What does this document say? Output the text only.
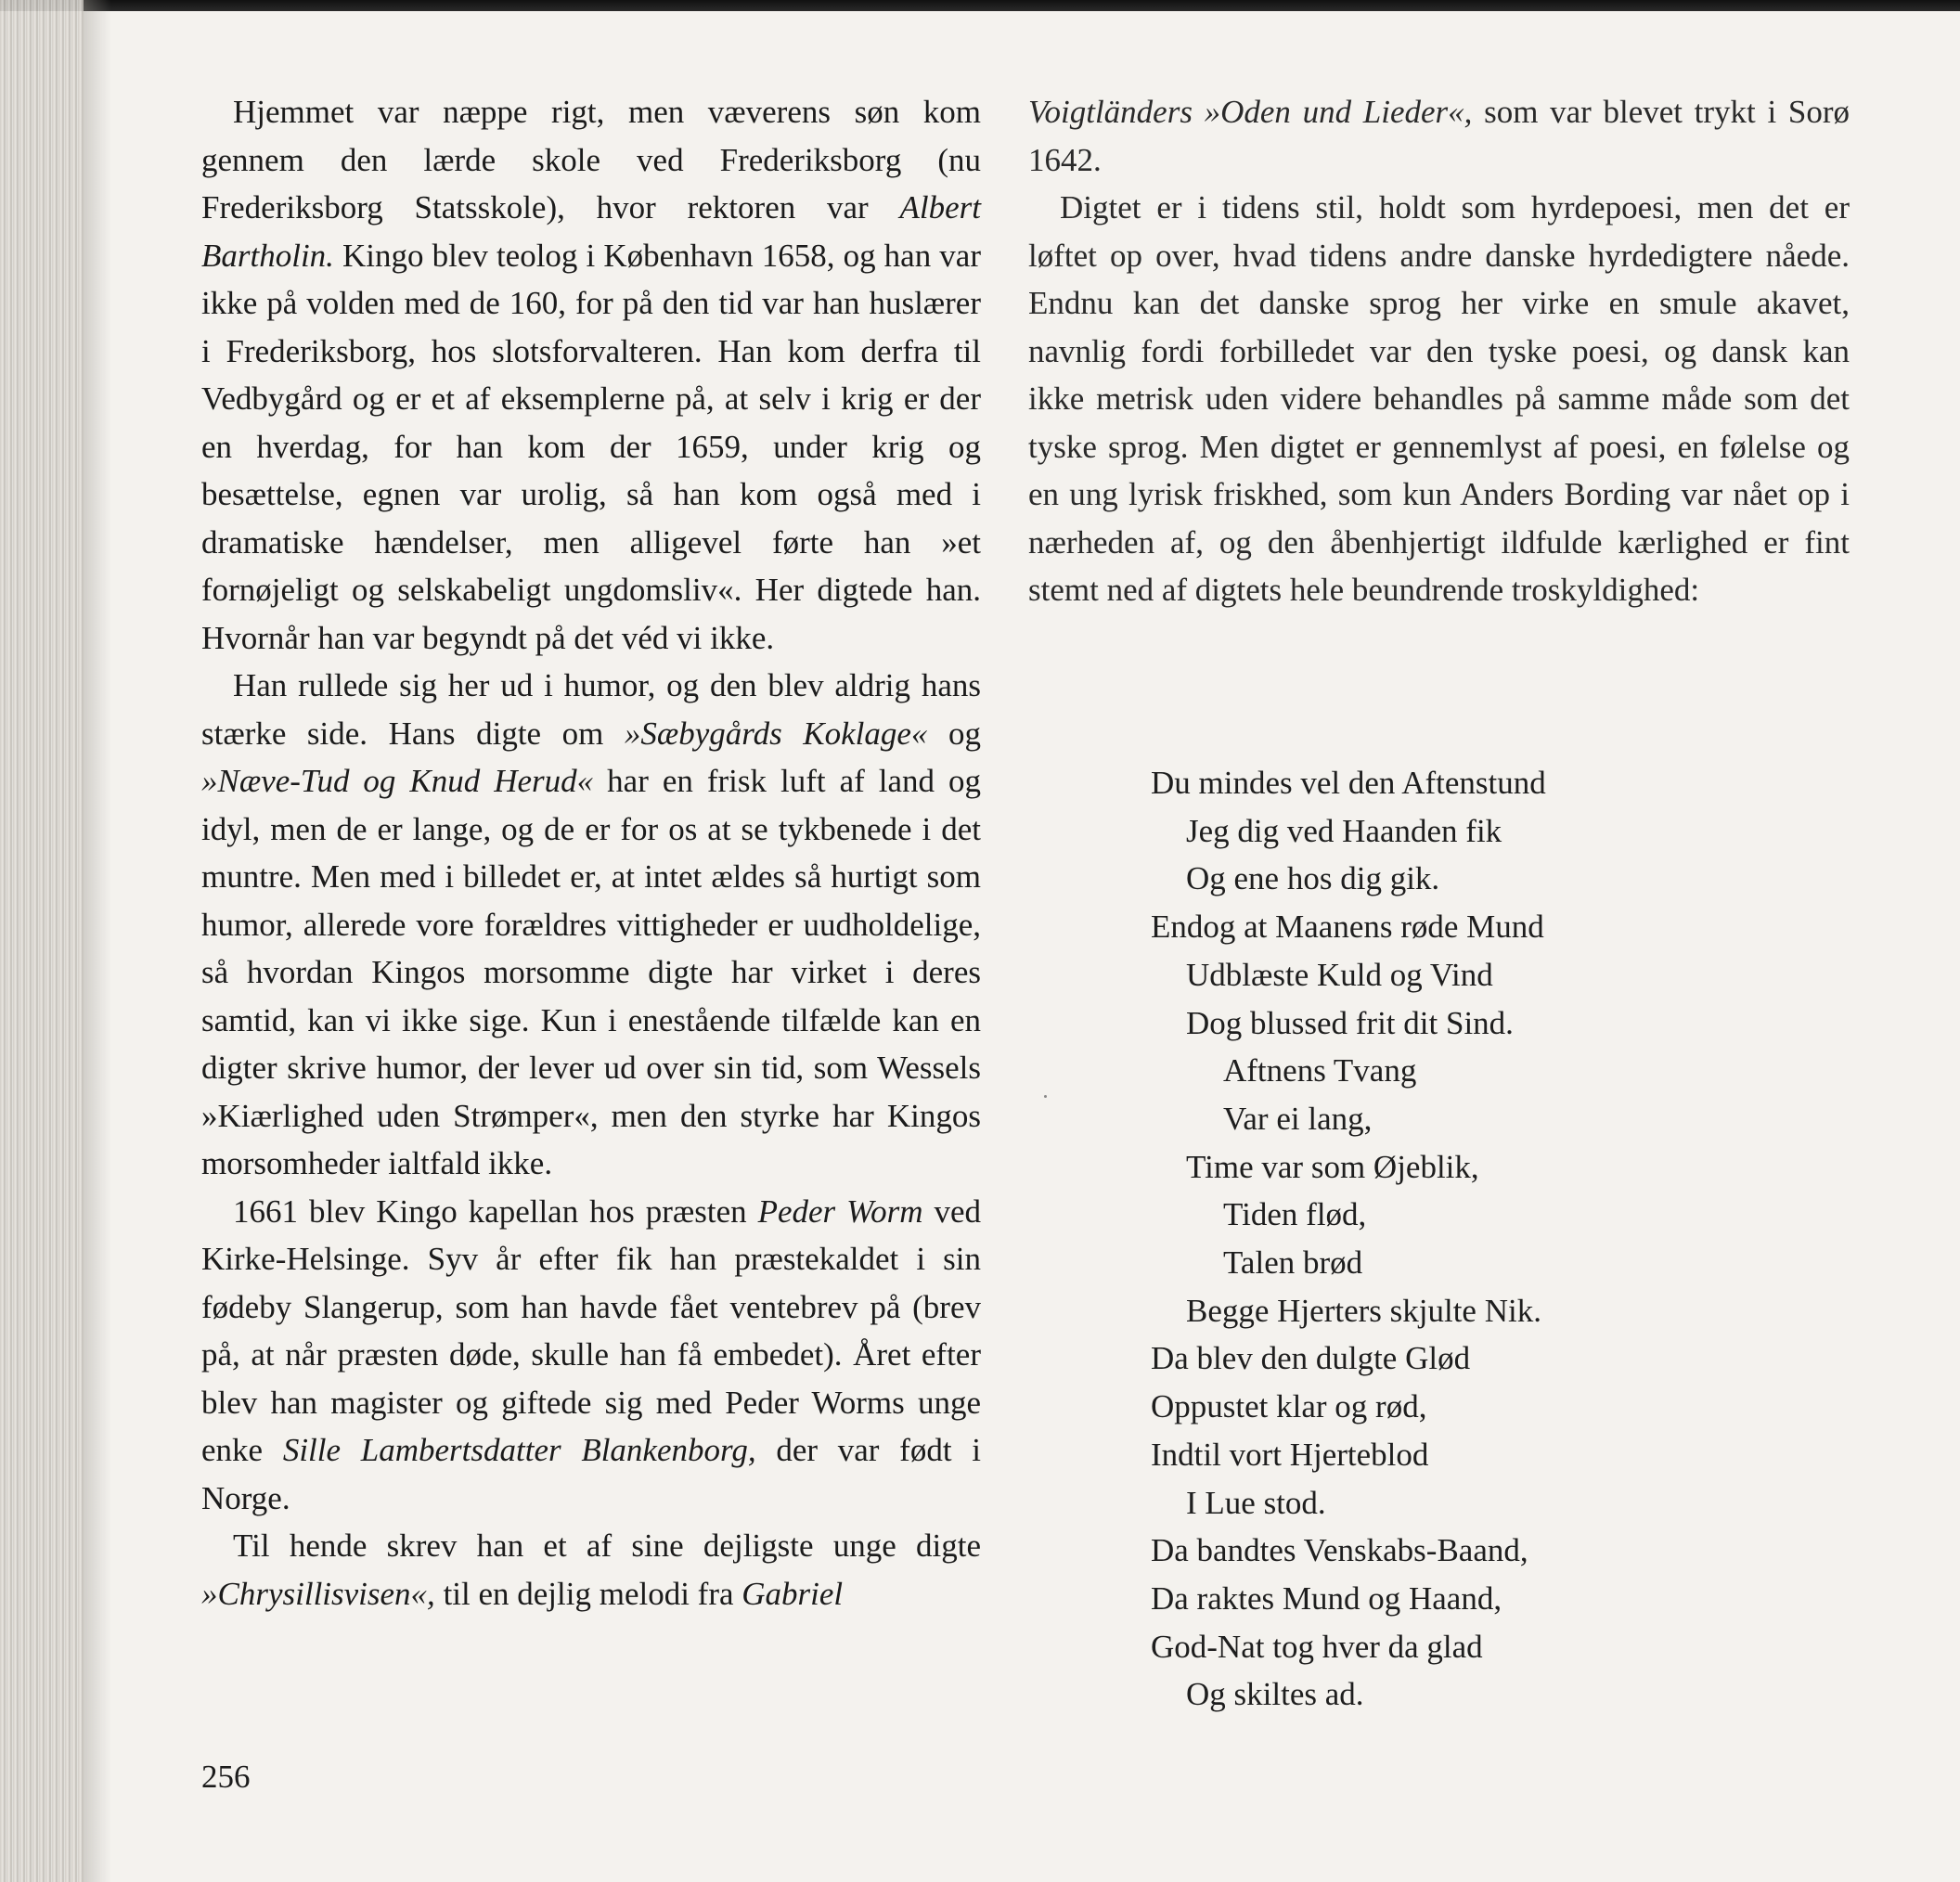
Hjemmet var næppe rigt, men væverens søn kom gennem den lærde skole ved Frederiksborg (nu Frederiksborg Statsskole), hvor rektoren var Albert Bartholin. Kingo blev teolog i København 1658, og han var ikke på volden med de 160, for på den tid var han huslærer i Frederiksborg, hos slotsforvalteren. Han kom derfra til Vedbygård og er et af eksemplerne på, at selv i krig er der en hverdag, for han kom der 1659, under krig og besættelse, egnen var urolig, så han kom også med i dramatiske hændelser, men alligevel førte han »et fornøjeligt og selskabeligt ungdomsliv«. Her digtede han. Hvornår han var begyndt på det véd vi ikke.

Han rullede sig her ud i humor, og den blev aldrig hans stærke side. Hans digte om »Sæbygårds Koklage« og »Næve-Tud og Knud Herud« har en frisk luft af land og idyl, men de er lange, og de er for os at se tykbenede i det muntre. Men med i billedet er, at intet ældes så hurtigt som humor, allerede vore forældres vittigheder er uudholdelige, så hvordan Kingos morsomme digte har virket i deres samtid, kan vi ikke sige. Kun i enestående tilfælde kan en digter skrive humor, der lever ud over sin tid, som Wessels »Kiærlighed uden Strømper«, men den styrke har Kingos morsomheder ialtfald ikke.

1661 blev Kingo kapellan hos præsten Peder Worm ved Kirke-Helsinge. Syv år efter fik han præstekaldet i sin fødeby Slangerup, som han havde fået ventebrev på (brev på, at når præsten døde, skulle han få embedet). Året efter blev han magister og giftede sig med Peder Worms unge enke Sille Lambertsdatter Blankenborg, der var født i Norge.

Til hende skrev han et af sine dejligste unge digte »Chrysillisvisen«, til en dejlig melodi fra Gabriel

Voigtländers »Oden und Lieder«, som var blevet trykt i Sorø 1642.

Digtet er i tidens stil, holdt som hyrdepoesi, men det er løftet op over, hvad tidens andre danske hyrdedigtere nåede. Endnu kan det danske sprog her virke en smule akavet, navnlig fordi forbilledet var den tyske poesi, og dansk kan ikke metrisk uden videre behandles på samme måde som det tyske sprog. Men digtet er gennemlyst af poesi, en følelse og en ung lyrisk friskhed, som kun Anders Bording var nået op i nærheden af, og den åbenhjertigt ildfulde kærlighed er fint stemt ned af digtets hele beundrende troskyldighed:

Du mindes vel den Aftenstund
Jeg dig ved Haanden fik
Og ene hos dig gik.
Endog at Maanens røde Mund
Udblæste Kuld og Vind
Dog blussed frit dit Sind.
Aftnens Tvang
Var ei lang,
Time var som Øjeblik,
Tiden flød,
Talen brød
Begge Hjerters skjulte Nik.
Da blev den dulgte Glød
Oppustet klar og rød,
Indtil vort Hjerteblod
I Lue stod.
Da bandtes Venskabs-Baand,
Da raktes Mund og Haand,
God-Nat tog hver da glad
Og skiltes ad.
256
